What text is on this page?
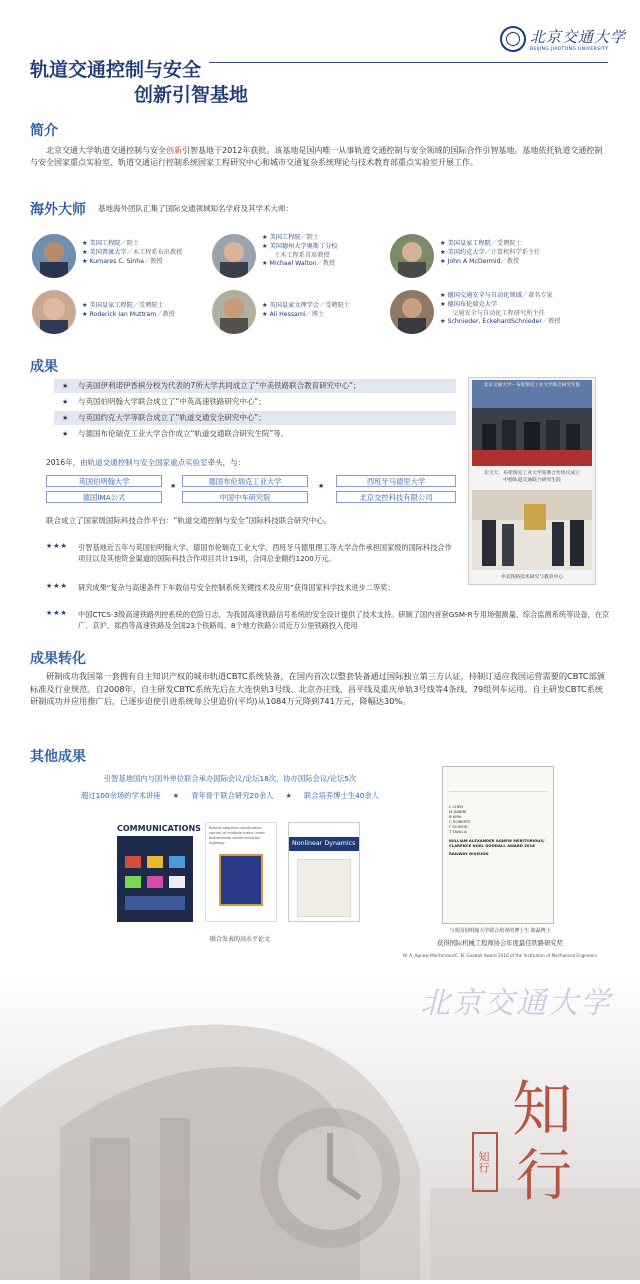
北京交通大学
BEIJING JIAOTONG UNIVERSITY
轨道交通控制与安全
创新引智基地
简介
北京交通大学轨道交通控制与安全创新引智基地于2012年获批。该基地是国内唯一从事轨道交通控制与安全领域的国际合作引智基地。基地依托轨道交通控制与安全国家重点实验室、轨道交通运行控制系统国家工程研究中心和城市交通复杂系统理论与技术教育部重点实验室开展工作。
海外大师 基地海外团队汇集了国际交通领域知名学府及其学术大师：
★ 美国工程院／院士
★ 美国普渡大学／木工程系布出教授
★ Kumares C. Sinha／教授
★ 美国工程院／院士
★ 美国德州大学奥斯丁分校
土木工程系首席教授
★ Michael Walton／教授
★ 美国皇家工程院／受聘院士
★ 美国约克大学／计算机科学系主任
★ John A McDermid／教授
★ 美国皇家工程院／受聘院士
★ Roderick Ian Muttram／教授
★ 英国皇家文理学会／受聘院士
★ Ali Hessami／博士
★ 德国交通安全与自动化领域／著名专家
★ 德国布伦瑞克大学
交通安全与自动化工程研究所主任
★ Schnieder, EckehardSchnieder／教授
成果
★ 与美国伊利诺伊香槟分校为代表的7所大学共同成立了“中美铁路联合教育研究中心”；
★ 与英国伯明翰大学联合成立了“中英高速铁路研究中心”；
★ 与英国约克大学等联合成立了“轨道交通安全研究中心”；
★ 与德国布伦瑞克工业大学合作成立“轨道交通联合研究生院”等。
2016年，由轨道交通控制与安全国家重点实验室牵头，与：
英国伯明翰大学	德国布伦瑞克工业大学	西班牙马德里大学
德国IMA公式	中国中车研究院	北京交控科技有限公司
★	★
联合成立了国家级国际科技合作平台：“轨道交通控制与安全”国际科技联合研究中心。
★★★ 引智基地近五年与英国伯明翰大学、德国布伦瑞克工业大学、西班牙马德里理工等大学合作承担国家级的国际科技合作项目以及其他资金渠道的国际科技合作项目共计19项，合同总金额约1200万元。
★★★ 研究成果“复杂与高速条件下车载信号安全控制系统关键技术及应用”获得国家科学技术进步二等奖；
★★★ 中国CTCS-3级高速铁路列控系统的危险日志，为我国高速铁路信号系统的安全设计提供了技术支持。研制了国内首套GSM-R专用场强测量、综合监测系统等设备，在京广、京沪、郑西等高速铁路及全国23个铁路局、8个地方铁路公司近万公里铁路投入使用
北京交通大学－布伦瑞克工业大学联合研究生院
北交大、布伦瑞克工业大学签署合作协议成立
中德轨道交通联合研究生院
中美铁路技术研究与教育中心
成果转化
研制成功我国第一套拥有自主知识产权的城市轨道CBTC系统装备，在国内首次以整套装备通过国际独立第三方认证，持制订适应我国运营需要的CBTC部颁标准及行业规范。自2008年，自主研发CBTC系统先后在大连快轨3号线、北京亦庄线、昌平线及重庆单轨3号线等4条线、79组列车运用。自主研发CBTC系统研制成功并应用推广后，已逐步迫使引进系统每公里造价(平均)从1084万元降到741万元，降幅达30%。
其他成果
引智基地国内与国外单位联合承办国际会议/论坛18次，协办国际会议/论坛5次
超过100余场的学术讲座 ★ 青年骨干联合研究20余人 ★ 联合培养博士生40余人
COMMUNICATIONS Robust adaptive coordination control of multiple trains under bidirectional communication topology	Nonlinear Dynamics
联合发表的高水平论文
L CHEN
M DABIRI
B KIRK
C ROBERTS
F SCHMID
T TANG A
WILLIAM ALEXANDER AGNEW MERITORIOUS/ CLARENCE NOEL GOODALL AWARD 2016
RAILWAY DIVISION
与英国伯明翰大学联合培养的博士生 陈磊博士
获得国际机械工程师协会年度最佳铁路研究奖
W. A. Agnew Meritorious/C. N. Goodall Award 2016 of the Institution of Mechanical Engineers
北京交通大学
知
行
知行
